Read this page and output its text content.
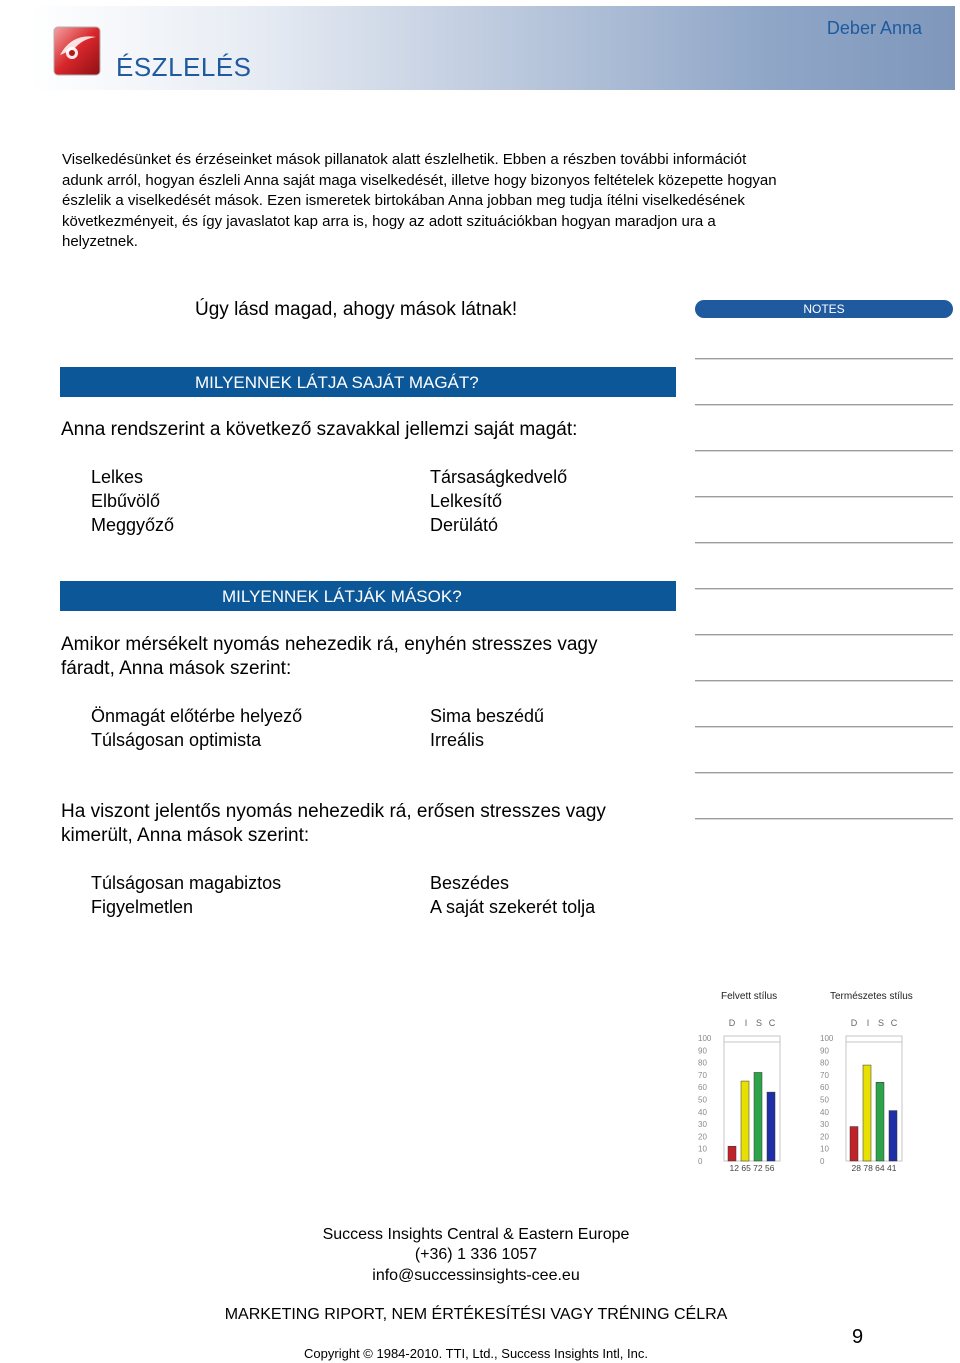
ÉSZLELÉS
Deber Anna
Viselkedésünket és érzéseinket mások pillanatok alatt észlelhetik. Ebben a részben további információt
adunk arról, hogyan észleli Anna saját maga viselkedését, illetve hogy bizonyos feltételek közepette hogyan
észlelik a viselkedését mások. Ezen ismeretek birtokában Anna jobban meg tudja ítélni viselkedésének
következményeit, és így javaslatot kap arra is, hogy az adott szituációkban hogyan maradjon ura a
helyzetnek.
Úgy lásd magad, ahogy mások látnak!	NOTES
MILYENNEK LÁTJA SAJÁT MAGÁT?
Anna rendszerint a következő szavakkal jellemzi saját magát:
Lelkes
Elbűvölő
Meggyőző
Társaságkedvelő
Lelkesítő
Derülátó
MILYENNEK LÁTJÁK MÁSOK?
Amikor mérsékelt nyomás nehezedik rá, enyhén stresszes vagy
fáradt, Anna mások szerint:
Önmagát előtérbe helyező
Túlságosan optimista
Sima beszédű
Irreális
Ha viszont jelentős nyomás nehezedik rá, erősen stresszes vagy
kimerült, Anna mások szerint:
Túlságosan magabiztos
Figyelmetlen
Beszédes
A saját szekerét tolja
Felvett stílus	Természetes stílus
D I S C
100
90
80
70
60
50
40
30
20
10
0
12 65 72 56
D I S C
100
90
80
70
60
50
40
30
20
10
0
28 78 64 41
Success Insights Central & Eastern Europe
(+36) 1 336 1057
info@successinsights-cee.eu
MARKETING RIPORT, NEM ÉRTÉKESÍTÉSI VAGY TRÉNING CÉLRA
9
Copyright © 1984-2010. TTI, Ltd., Success Insights Intl, Inc.
